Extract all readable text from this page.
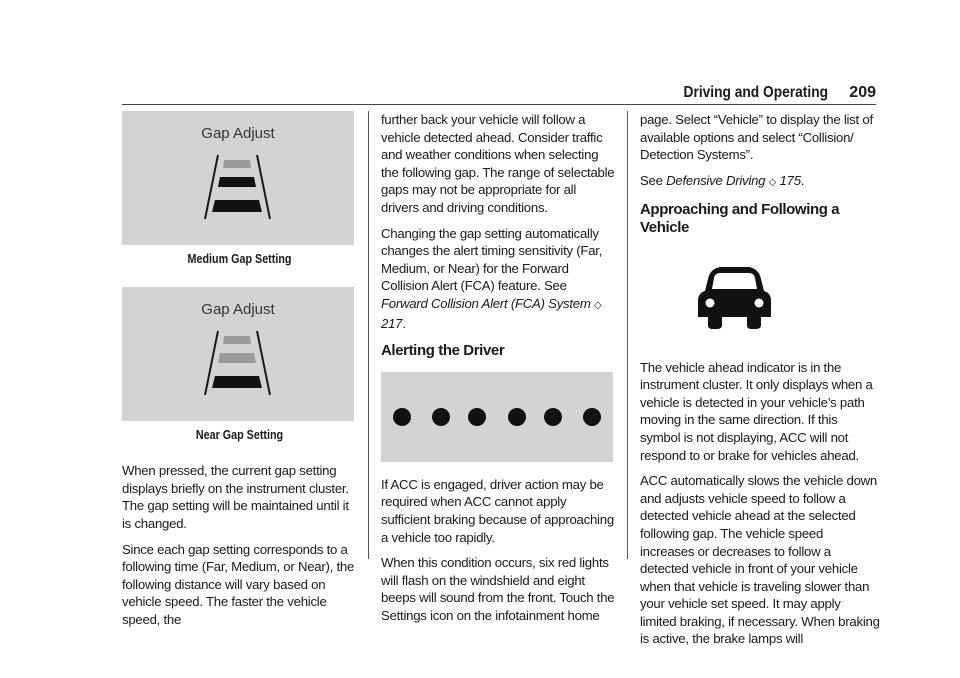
Driving and Operating 209
Gap Adjust
Medium Gap Setting
Gap Adjust
Near Gap Setting

When pressed, the current gap setting displays briefly on the instrument cluster. The gap setting will be maintained until it is changed.

Since each gap setting corresponds to a following time (Far, Medium, or Near), the following distance will vary based on vehicle speed. The faster the vehicle speed, the

further back your vehicle will follow a vehicle detected ahead. Consider traffic and weather conditions when selecting the following gap. The range of selectable gaps may not be appropriate for all drivers and driving conditions.

Changing the gap setting automatically changes the alert timing sensitivity (Far, Medium, or Near) for the Forward Collision Alert (FCA) feature. See Forward Collision Alert (FCA) System ◇ 217.

Alerting the Driver

If ACC is engaged, driver action may be required when ACC cannot apply sufficient braking because of approaching a vehicle too rapidly.

When this condition occurs, six red lights will flash on the windshield and eight beeps will sound from the front. Touch the Settings icon on the infotainment home

page. Select “Vehicle” to display the list of available options and select “Collision/ Detection Systems”.

See Defensive Driving ◇ 175.

Approaching and Following a Vehicle

The vehicle ahead indicator is in the instrument cluster. It only displays when a vehicle is detected in your vehicle’s path moving in the same direction. If this symbol is not displaying, ACC will not respond to or brake for vehicles ahead.

ACC automatically slows the vehicle down and adjusts vehicle speed to follow a detected vehicle ahead at the selected following gap. The vehicle speed increases or decreases to follow a detected vehicle in front of your vehicle when that vehicle is traveling slower than your vehicle set speed. It may apply limited braking, if necessary. When braking is active, the brake lamps will
